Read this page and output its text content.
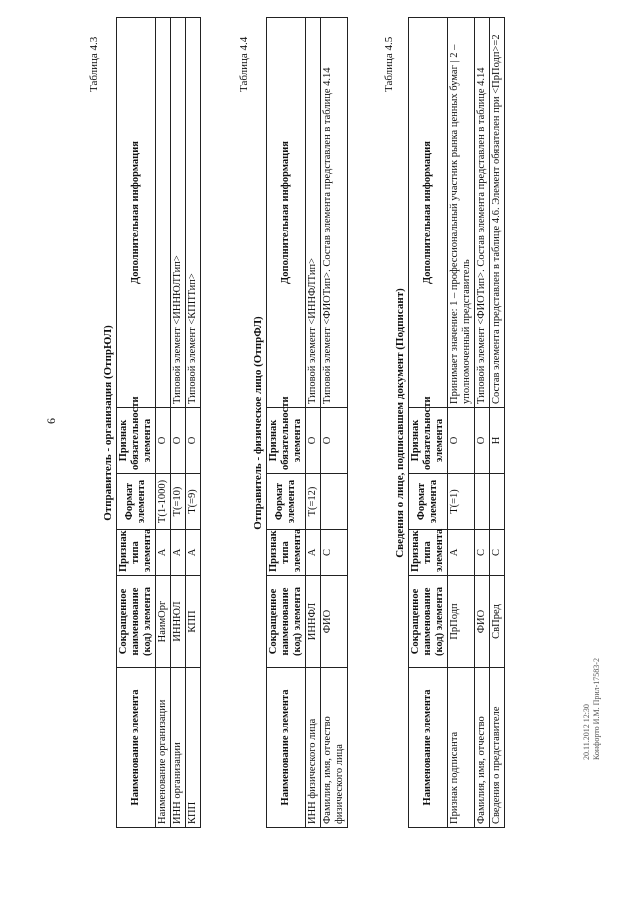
6
Таблица 4.3
Отправитель - организация (ОтпрЮЛ)
Наименование элемента	Сокращенное наименование (код) элемента	Признак типа элемента	Формат элемента	Признак обязательности элемента	Дополнительная информация
Наименование организации	НаимОрг	А	T(1-1000)	О	
ИНН организации	ИННЮЛ	А	T(=10)	О	Типовой элемент <ИННЮЛТип>
КПП	КПП	А	T(=9)	О	Типовой элемент <КППТип>
Таблица 4.4
Отправитель - физическое лицо (ОтпрФЛ)
Наименование элемента	Сокращенное наименование (код) элемента	Признак типа элемента	Формат элемента	Признак обязательности элемента	Дополнительная информация
ИНН физического лица	ИННФЛ	А	T(=12)	О	Типовой элемент <ИННФЛТип>
Фамилия, имя, отчество физического лица	ФИО	С		О	Типовой элемент <ФИОТип>. Состав элемента представлен в таблице 4.14
Таблица 4.5
Сведения о лице, подписавшем документ (Подписант)
Наименование элемента	Сокращенное наименование (код) элемента	Признак типа элемента	Формат элемента	Признак обязательности элемента	Дополнительная информация
Признак подписанта	ПрПодп	А	T(=1)	О	Принимает значение: 1 – профессиональный участник рынка ценных бумаг | 2 – уполномоченный представитель
Фамилия, имя, отчество	ФИО	С		О	Типовой элемент <ФИОТип>. Состав элемента представлен в таблице 4.14
Сведения о представителе	СвПред	С		Н	Состав элемента представлен в таблице 4.6. Элемент обязателен при <ПрПодп>=2
20.11.2012 12:30 Конфорто И.М. Прил-17583-2
